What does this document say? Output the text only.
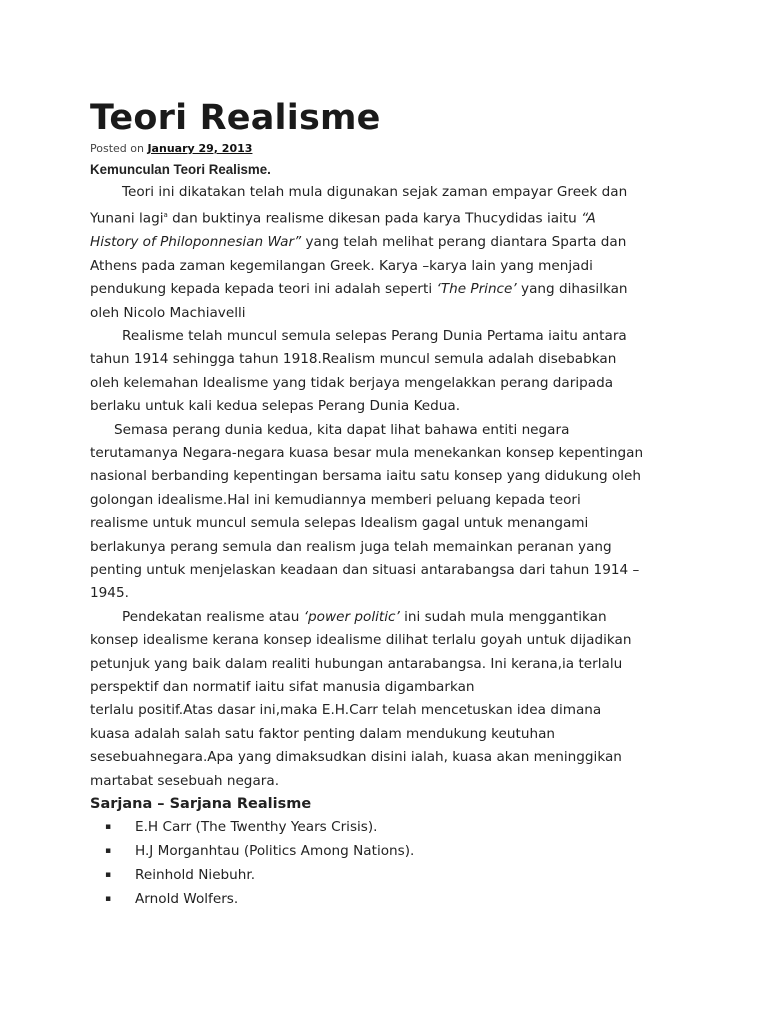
Teori Realisme
Posted on January 29, 2013
Kemunculan Teori Realisme.

Teori ini dikatakan telah mula digunakan sejak zaman empayar Greek dan

Yunani lagi$^a$ dan buktinya realisme dikesan pada karya Thucydidas iaitu “A

History of Philoponnesian War” yang telah melihat perang diantara Sparta dan

Athens pada zaman kegemilangan Greek. Karya –karya lain yang menjadi

pendukung kepada kepada teori ini adalah seperti ‘The Prince’ yang dihasilkan

oleh Nicolo Machiavelli

Realisme telah muncul semula selepas Perang Dunia Pertama iaitu antara

tahun 1914 sehingga tahun 1918.Realism muncul semula adalah disebabkan

oleh kelemahan Idealisme yang tidak berjaya mengelakkan perang daripada

berlaku untuk kali kedua selepas Perang Dunia Kedua.

Semasa perang dunia kedua, kita dapat lihat bahawa entiti negara

terutamanya Negara-negara kuasa besar mula menekankan konsep kepentingan

nasional berbanding kepentingan bersama iaitu satu konsep yang didukung oleh

golongan idealisme.Hal ini kemudiannya memberi peluang kepada teori

realisme untuk muncul semula selepas Idealism gagal untuk menangami

berlakunya perang semula dan realism juga telah memainkan peranan yang

penting untuk menjelaskan keadaan dan situasi antarabangsa dari tahun 1914 –

1945.

Pendekatan realisme atau ‘power politic’ ini sudah mula menggantikan

konsep idealisme kerana konsep idealisme dilihat terlalu goyah untuk dijadikan

petunjuk yang baik dalam realiti hubungan antarabangsa. Ini kerana,ia terlalu

perspektif dan normatif iaitu sifat manusia digambarkan

terlalu positif.Atas dasar ini,maka E.H.Carr telah mencetuskan idea dimana

kuasa adalah salah satu faktor penting dalam mendukung keutuhan

sesebuahnegara.Apa yang dimaksudkan disini ialah, kuasa akan meninggikan

martabat sesebuah negara.

Sarjana – Sarjana Realisme
▪ E.H Carr (The Twenthy Years Crisis).
▪ H.J Morganhtau (Politics Among Nations).
▪ Reinhold Niebuhr.
▪ Arnold Wolfers.
